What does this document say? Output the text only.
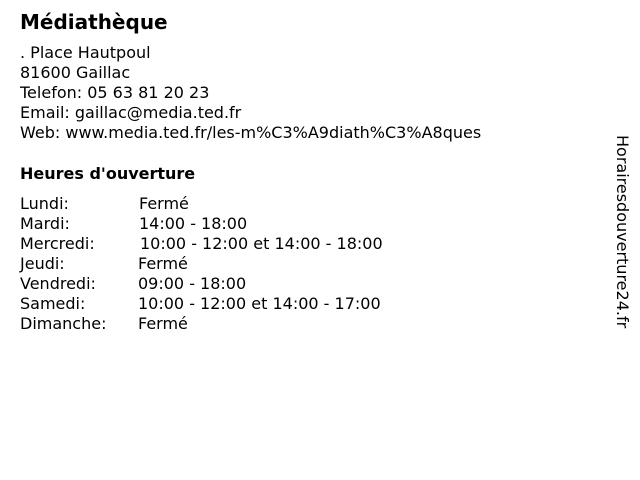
Médiathèque
. Place Hautpoul
81600 Gaillac
Telefon: 05 63 81 20 23
Email: gaillac@media.ted.fr
Web: www.media.ted.fr/les-m%C3%A9diath%C3%A8ques
Heures d'ouverture
Lundi:	Fermé
Mardi:	14:00 - 18:00
Mercredi:	10:00 - 12:00 et 14:00 - 18:00
Jeudi:	Fermé
Vendredi:	09:00 - 18:00
Samedi:	10:00 - 12:00 et 14:00 - 17:00
Dimanche: Fermé	Horairesdouverture24.fr
